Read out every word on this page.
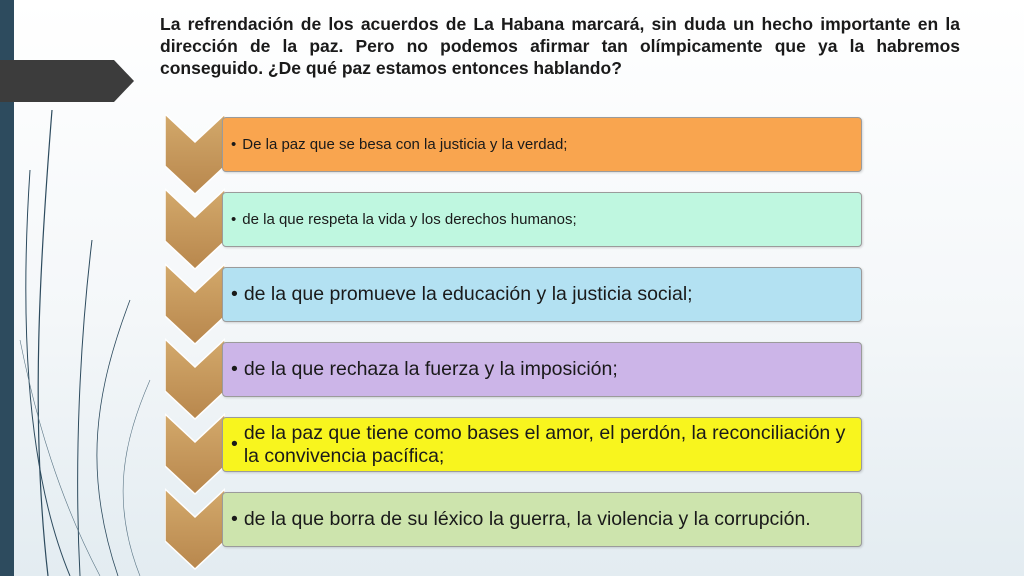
La refrendación de los acuerdos de La Habana marcará, sin duda un hecho importante en la dirección de la paz. Pero no podemos afirmar tan olímpicamente que ya la habremos conseguido. ¿De qué paz estamos entonces hablando?
• De la paz que se besa con la justicia y la verdad;
• de la que respeta la vida y los derechos humanos;
• de la que promueve la educación y la justicia social;
• de la que rechaza la fuerza y la imposición;
•
de la paz que tiene como bases el amor, el perdón, la reconciliación y la convivencia pacífica;
• de la que borra de su léxico la guerra, la violencia y la corrupción.
